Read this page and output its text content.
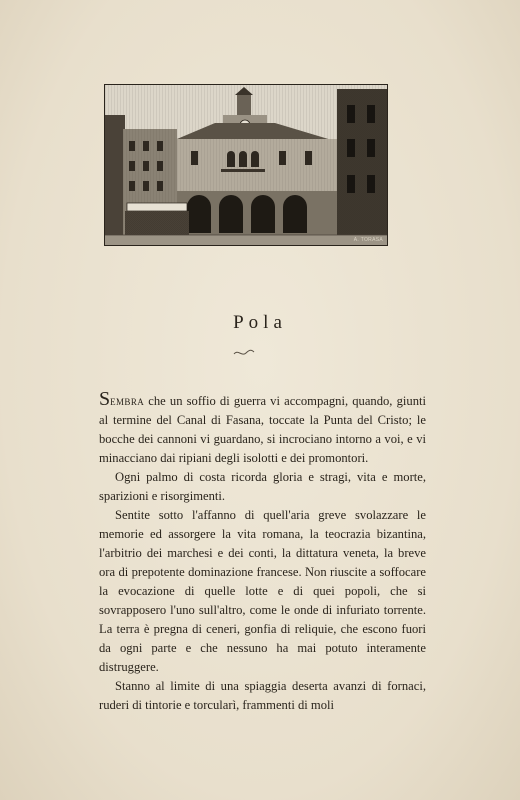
A. TORASA
Pola

Sembra che un soffio di guerra vi accompagni, quando, giunti al termine del Canal di Fasana, toccate la Punta del Cristo; le bocche dei cannoni vi guardano, si incrociano intorno a voi, e vi minacciano dai ripiani degli isolotti e dei promontori.

Ogni palmo di costa ricorda gloria e stragi, vita e morte, sparizioni e risorgimenti.

Sentite sotto l'affanno di quell'aria greve svolazzare le memorie ed assorgere la vita romana, la teocrazia bizantina, l'arbitrio dei marchesi e dei conti, la dittatura veneta, la breve ora di prepotente dominazione francese. Non riuscite a soffocare la evocazione di quelle lotte e di quei popoli, che si sovrapposero l'uno sull'altro, come le onde di infuriato torrente. La terra è pregna di ceneri, gonfia di reliquie, che escono fuori da ogni parte e che nessuno ha mai potuto interamente distruggere.

Stanno al limite di una spiaggia deserta avanzi di fornaci, ruderi di tintorie e torcularì, frammenti di moli
